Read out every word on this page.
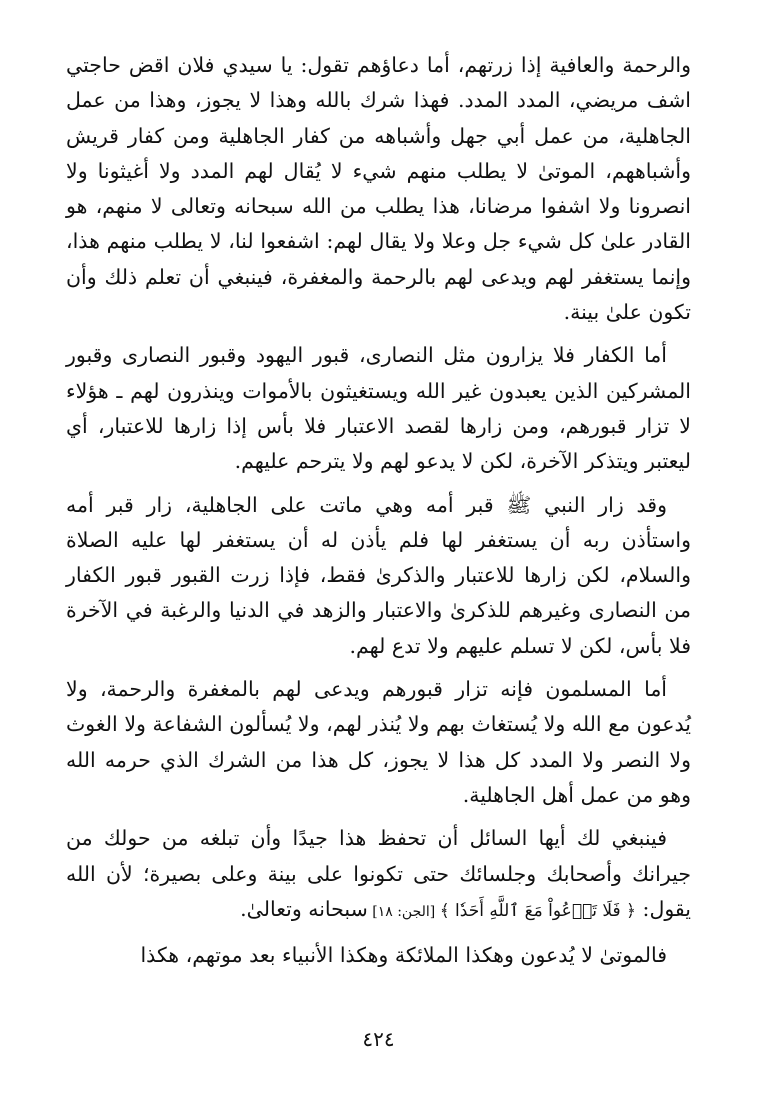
والرحمة والعافية إذا زرتهم، أما دعاؤهم تقول: يا سيدي فلان اقض حاجتي اشف مريضي، المدد المدد. فهذا شرك بالله وهذا لا يجوز، وهذا من عمل الجاهلية، من عمل أبي جهل وأشباهه من كفار الجاهلية ومن كفار قريش وأشباههم، الموتىٰ لا يطلب منهم شيء لا يُقال لهم المدد ولا أغيثونا ولا انصرونا ولا اشفوا مرضانا، هذا يطلب من الله سبحانه وتعالى لا منهم، هو القادر علىٰ كل شيء جل وعلا ولا يقال لهم: اشفعوا لنا، لا يطلب منهم هذا، وإنما يستغفر لهم ويدعى لهم بالرحمة والمغفرة، فينبغي أن تعلم ذلك وأن تكون علىٰ بينة.

أما الكفار فلا يزارون مثل النصارى، قبور اليهود وقبور النصارى وقبور المشركين الذين يعبدون غير الله ويستغيثون بالأموات وينذرون لهم ـ هؤلاء لا تزار قبورهم، ومن زارها لقصد الاعتبار فلا بأس إذا زارها للاعتبار، أي ليعتبر ويتذكر الآخرة، لكن لا يدعو لهم ولا يترحم عليهم.

وقد زار النبي ﷺ قبر أمه وهي ماتت على الجاهلية، زار قبر أمه واستأذن ربه أن يستغفر لها فلم يأذن له أن يستغفر لها عليه الصلاة والسلام، لكن زارها للاعتبار والذكرىٰ فقط، فإذا زرت القبور قبور الكفار من النصارى وغيرهم للذكرىٰ والاعتبار والزهد في الدنيا والرغبة في الآخرة فلا بأس، لكن لا تسلم عليهم ولا تدع لهم.

أما المسلمون فإنه تزار قبورهم ويدعى لهم بالمغفرة والرحمة، ولا يُدعون مع الله ولا يُستغاث بهم ولا يُنذر لهم، ولا يُسألون الشفاعة ولا الغوث ولا النصر ولا المدد كل هذا لا يجوز، كل هذا من الشرك الذي حرمه الله وهو من عمل أهل الجاهلية.

فينبغي لك أيها السائل أن تحفظ هذا جيدًا وأن تبلغه من حولك من جيرانك وأصحابك وجلسائك حتى تكونوا على بينة وعلى بصيرة؛ لأن الله يقول: ﴿ فَلَا تَدۡعُواْ مَعَ ٱللَّهِ أَحَدٗا ﴾ [الجن: ١٨] سبحانه وتعالىٰ.

فالموتىٰ لا يُدعون وهكذا الملائكة وهكذا الأنبياء بعد موتهم، هكذا

٤٢٤
